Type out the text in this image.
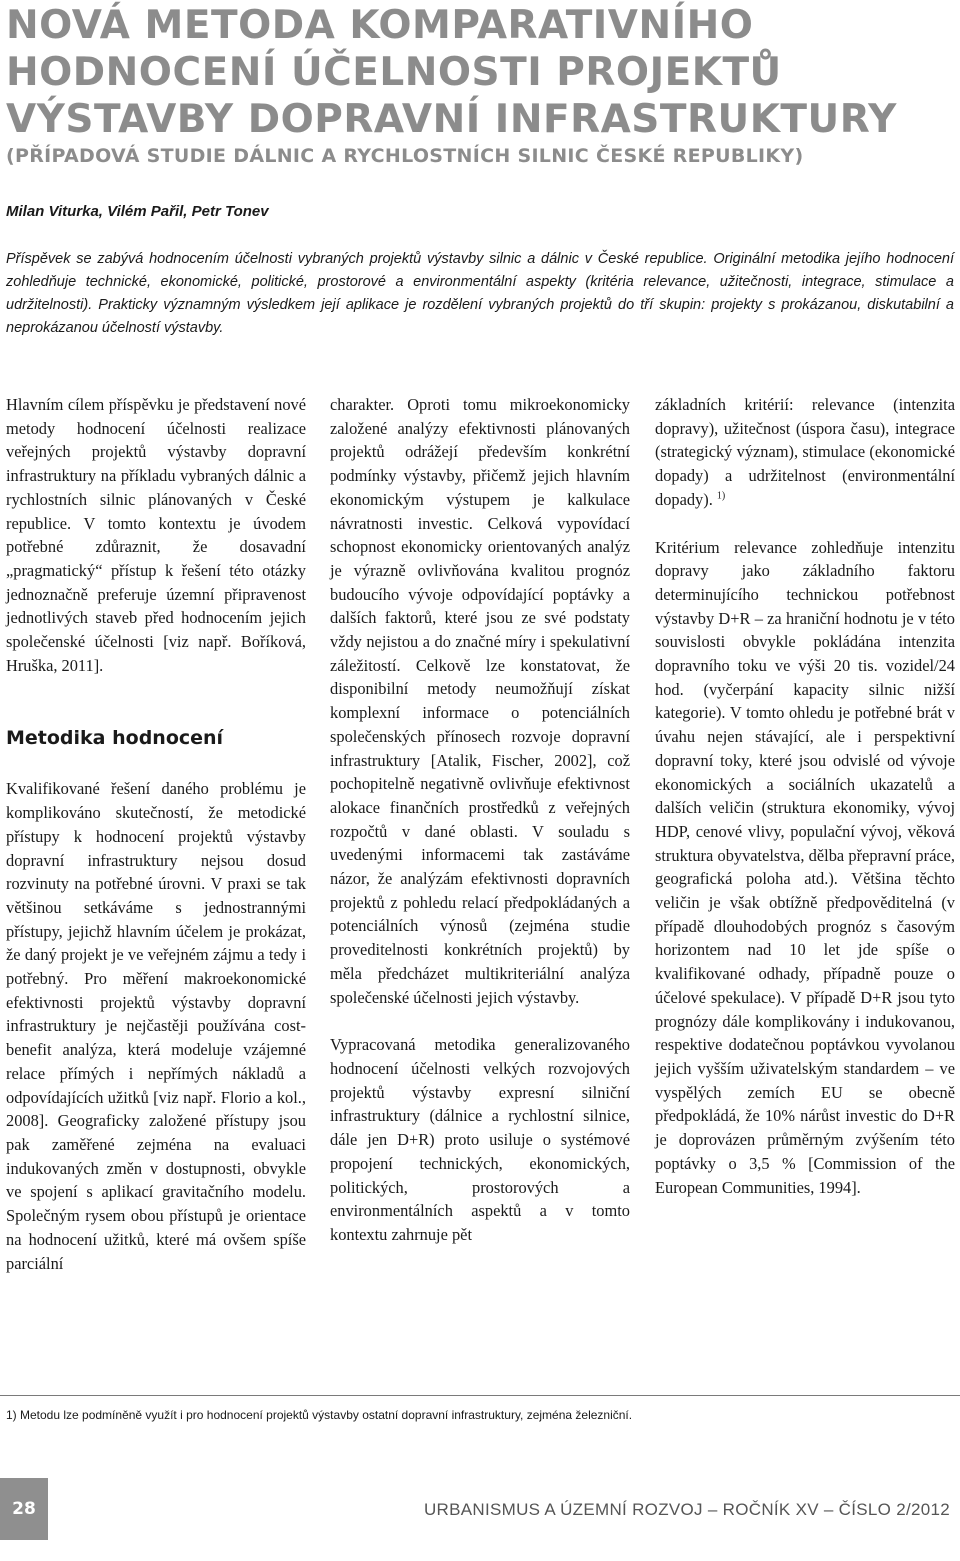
NOVÁ METODA KOMPARATIVNÍHO
HODNOCENÍ ÚČELNOSTI PROJEKTŮ
VÝSTAVBY DOPRAVNÍ INFRASTRUKTURY
(PŘÍPADOVÁ STUDIE DÁLNIC A RYCHLOSTNÍCH SILNIC ČESKÉ REPUBLIKY)
Milan Viturka, Vilém Pařil, Petr Tonev
Příspěvek se zabývá hodnocením účelnosti vybraných projektů výstavby silnic a dálnic v České republice. Originální metodika jejího hodnocení zohledňuje technické, ekonomické, politické, prostorové a environmentální aspekty (kritéria relevance, užitečnosti, integrace, stimulace a udržitelnosti). Prakticky významným výsledkem její aplikace je rozdělení vybraných projektů do tří skupin: projekty s prokázanou, diskutabilní a neprokázanou účelností výstavby.

Hlavním cílem příspěvku je představení nové metody hodnocení účelnosti realizace veřejných projektů výstavby dopravní infrastruktury na příkladu vybraných dálnic a rychlostních silnic plánovaných v České republice. V tomto kontextu je úvodem potřebné zdůraznit, že dosavadní „pragmatický“ přístup k řešení této otázky jednoznačně preferuje územní připravenost jednotlivých staveb před hodnocením jejich společenské účelnosti [viz např. Boříková, Hruška, 2011].

Metodika hodnocení

Kvalifikované řešení daného problému je komplikováno skutečností, že metodické přístupy k hodnocení projektů výstavby dopravní infrastruktury nejsou dosud rozvinuty na potřebné úrovni. V praxi se tak většinou setkáváme s jednostrannými přístupy, jejichž hlavním účelem je prokázat, že daný projekt je ve veřejném zájmu a tedy i potřebný. Pro měření makroekonomické efektivnosti projektů výstavby dopravní infrastruktury je nejčastěji používána cost-benefit analýza, která modeluje vzájemné relace přímých i nepřímých nákladů a odpovídajících užitků [viz např. Florio a kol., 2008]. Geograficky založené přístupy jsou pak zaměřené zejména na evaluaci indukovaných změn v dostupnosti, obvykle ve spojení s aplikací gravitačního modelu. Společným rysem obou přístupů je orientace na hodnocení užitků, které má ovšem spíše parciální

charakter. Oproti tomu mikroekonomicky založené analýzy efektivnosti plánovaných projektů odrážejí především konkrétní podmínky výstavby, přičemž jejich hlavním ekonomickým výstupem je kalkulace návratnosti investic. Celková vypovídací schopnost ekonomicky orientovaných analýz je výrazně ovlivňována kvalitou prognóz budoucího vývoje odpovídající poptávky a dalších faktorů, které jsou ze své podstaty vždy nejistou a do značné míry i spekulativní záležitostí. Celkově lze konstatovat, že disponibilní metody neumožňují získat komplexní informace o potenciálních společenských přínosech rozvoje dopravní infrastruktury [Atalik, Fischer, 2002], což pochopitelně negativně ovlivňuje efektivnost alokace finančních prostředků z veřejných rozpočtů v dané oblasti. V souladu s uvedenými informacemi tak zastáváme názor, že analýzám efektivnosti dopravních projektů z pohledu relací předpokládaných a potenciálních výnosů (zejména studie proveditelnosti konkrétních projektů) by měla předcházet multikriteriální analýza společenské účelnosti jejich výstavby.

Vypracovaná metodika generalizovaného hodnocení účelnosti velkých rozvojových projektů výstavby expresní silniční infrastruktury (dálnice a rychlostní silnice, dále jen D+R) proto usiluje o systémové propojení technických, ekonomických, politických, prostorových a environmentálních aspektů a v tomto kontextu zahrnuje pět

základních kritérií: relevance (intenzita dopravy), užitečnost (úspora času), integrace (strategický význam), stimulace (ekonomické dopady) a udržitelnost (environmentální dopady). $^{1)}$

Kritérium relevance zohledňuje intenzitu dopravy jako základního faktoru determinujícího technickou potřebnost výstavby D+R – za hraniční hodnotu je v této souvislosti obvykle pokládána intenzita dopravního toku ve výši 20 tis. vozidel/24 hod. (vyčerpání kapacity silnic nižší kategorie). V tomto ohledu je potřebné brát v úvahu nejen stávající, ale i perspektivní dopravní toky, které jsou odvislé od vývoje ekonomických a sociálních ukazatelů a dalších veličin (struktura ekonomiky, vývoj HDP, cenové vlivy, populační vývoj, věková struktura obyvatelstva, dělba přepravní práce, geografická poloha atd.). Většina těchto veličin je však obtížně předpověditelná (v případě dlouhodobých prognóz s časovým horizontem nad 10 let jde spíše o kvalifikované odhady, případně pouze o účelové spekulace). V případě D+R jsou tyto prognózy dále komplikovány i indukovanou, respektive dodatečnou poptávkou vyvolanou jejich vyšším uživatelským standardem – ve vyspělých zemích EU se obecně předpokládá, že 10% nárůst investic do D+R je doprovázen průměrným zvýšením této poptávky o 3,5 % [Commission of the European Communities, 1994].

1) Metodu lze podmíněně využít i pro hodnocení projektů výstavby ostatní dopravní infrastruktury, zejména železniční.
28	URBANISMUS A ÚZEMNÍ ROZVOJ – ROČNÍK XV – ČÍSLO 2/2012
